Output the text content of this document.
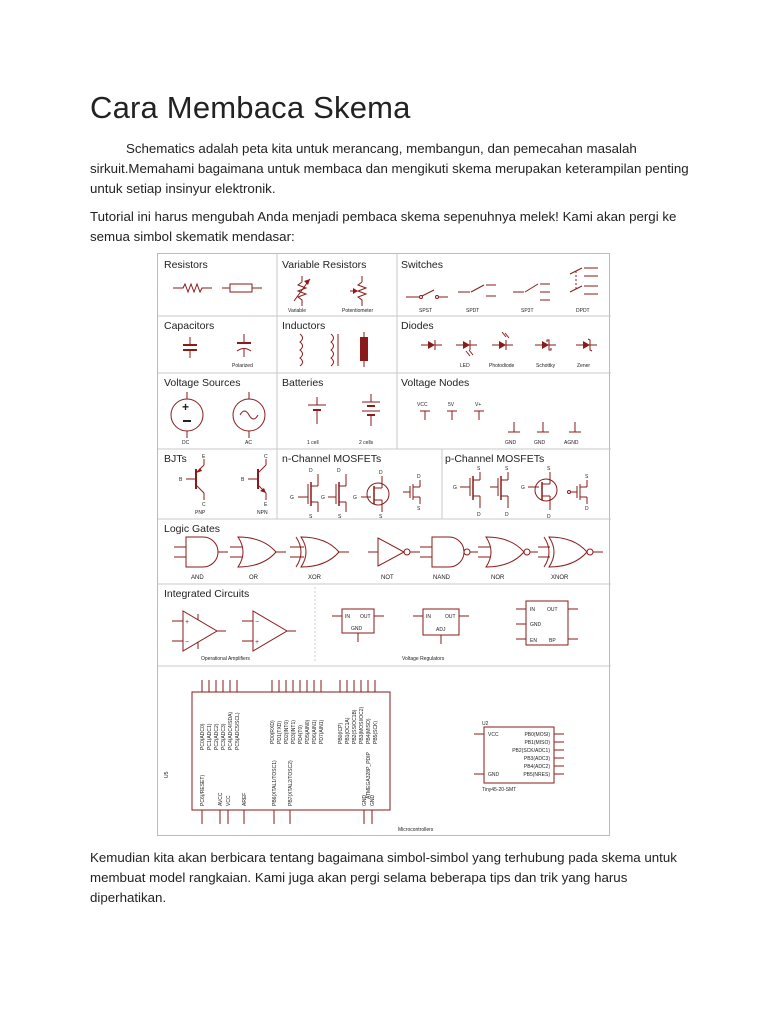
Cara Membaca Skema

Schematics adalah peta kita untuk merancang, membangun, dan pemecahan masalah sirkuit.Memahami bagaimana untuk membaca dan mengikuti skema merupakan keterampilan penting untuk setiap insinyur elektronik.

Tutorial ini harus mengubah Anda menjadi pembaca skema sepenuhnya melek! Kami akan pergi ke semua simbol skematik mendasar:

Resistors	Variable Resistors	Switches
Capacitors	Inductors	Diodes
Voltage Sources	Batteries	Voltage Nodes
BJTs	n-Channel MOSFETs	p-Channel MOSFETs
Logic Gates
Integrated Circuits
Variable	Potentiometer	SPST	SPDT	SP3T	DPDT
Polarized	LED	Photodiode	Schottky	Zener
+
DC	AC	1 cell	2 cells
VCC	5V	V+
GND	GND	AGND
E
B
C
C
B
E
PNP	NPN
D	D	D
D
G	G	G
S	S	S
S
S	S	S
S
G	G
D	D	D
D
AND	OR	XOR	NOT	NAND	NOR	XNOR
+
−
−
+
Operational Amplifiers
IN OUT
GND
IN	OUT
ADJ
Voltage Regulators
IN OUT
GND
EN BP
U5	ATMEGA328P_PDIP
PC0(ADC0) PC1(ADC1) PC2(ADC2) PC3(ADC3) PC4(ADC4/SDA) PC5(ADC5/SCL)	PD0(RXD) PD1(TXD) PD2(INT0) PD3(INT1) PD4(T0) PD5(AIN0) PD6(AIN1) PD7(AIN1)	PB0(ICP) PB1(OC1A) PB2(SS/OC1B) PB3(MOSI/OC2) PB4(MISO) PB5(SCK)
PC6(/RESET) AVCC VCC AREF	PB6(XTAL1/TOSC1) PB7(XTAL2/TOSC2)	GND GND
Microcontrollers
U2
VCC	PB0(MOSI)
PB1(MISO)
PB2(SCK/ADC1)
PB3(ADC3)
PB4(ADC2)
GND	PB5(NRES)
Tiny45-20-SMT

Kemudian kita akan berbicara tentang bagaimana simbol-simbol yang terhubung pada skema untuk membuat model rangkaian. Kami juga akan pergi selama beberapa tips dan trik yang harus diperhatikan.
